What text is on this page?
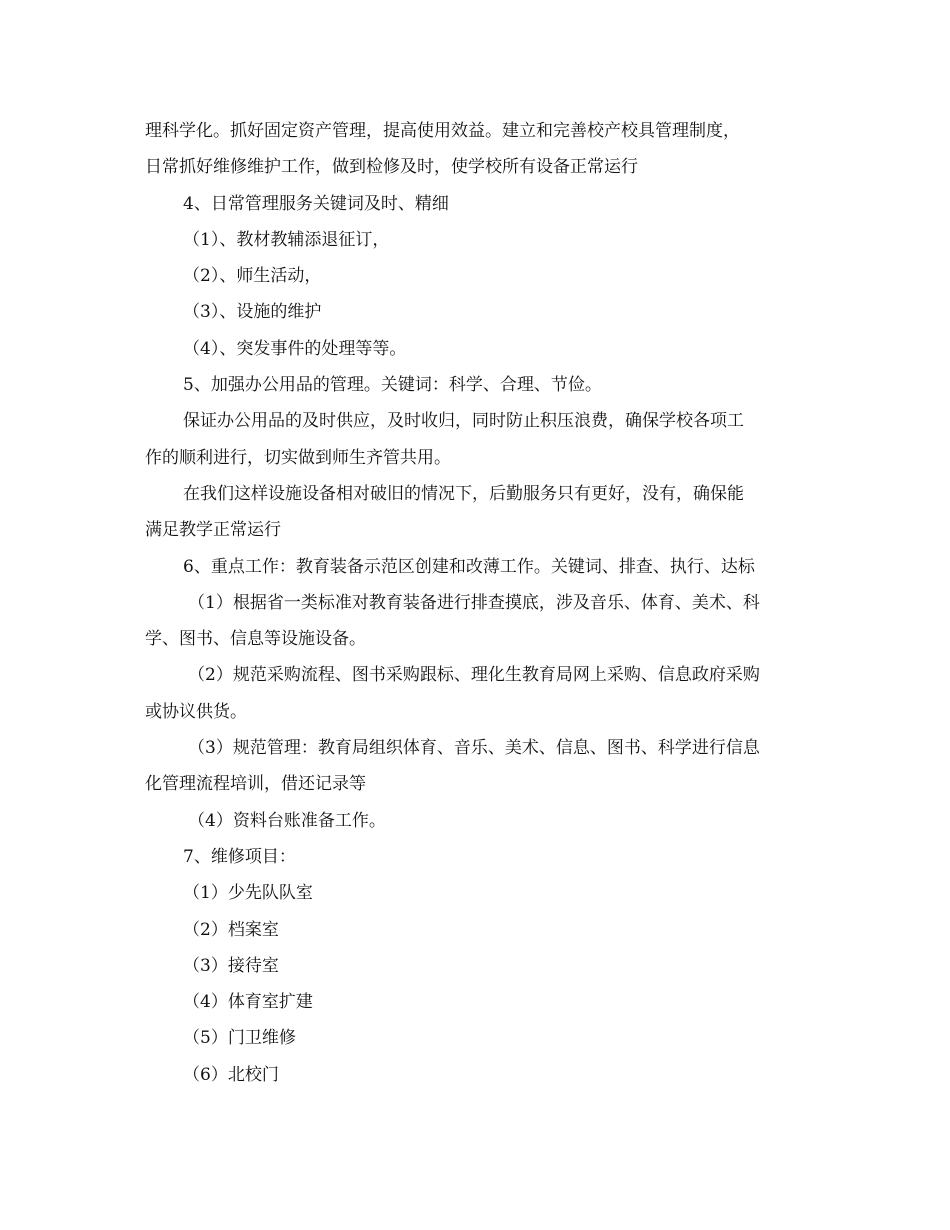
理科学化。抓好固定资产管理，提高使用效益。建立和完善校产校具管理制度，
日常抓好维修维护工作，做到检修及时，使学校所有设备正常运行
4、日常管理服务关键词及时、精细
（1）、教材教辅添退征订，
（2）、师生活动，
（3）、设施的维护
（4）、突发事件的处理等等。
5、加强办公用品的管理。关键词：科学、合理、节俭。
保证办公用品的及时供应，及时收归，同时防止积压浪费，确保学校各项工
作的顺利进行，切实做到师生齐管共用。
在我们这样设施设备相对破旧的情况下，后勤服务只有更好，没有，确保能
满足教学正常运行
6、重点工作：教育装备示范区创建和改薄工作。关键词、排查、执行、达标
（1）根据省一类标准对教育装备进行排查摸底，涉及音乐、体育、美术、科
学、图书、信息等设施设备。
（2）规范采购流程、图书采购跟标、理化生教育局网上采购、信息政府采购
或协议供货。
（3）规范管理：教育局组织体育、音乐、美术、信息、图书、科学进行信息
化管理流程培训，借还记录等
（4）资料台账准备工作。
7、维修项目：
（1）少先队队室
（2）档案室
（3）接待室
（4）体育室扩建
（5）门卫维修
（6）北校门
